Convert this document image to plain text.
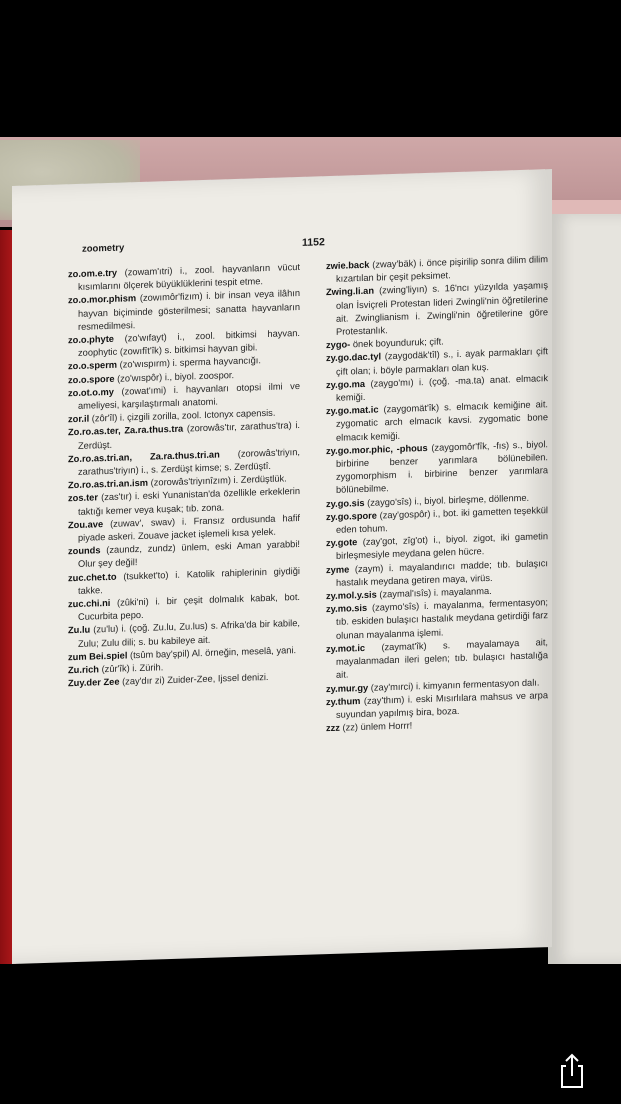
zoometry	1152

zo.om.e.try (zowam'ıtri) i., zool. hayvanların vücut kısımlarını ölçerek büyüklüklerini tespit etme.

zo.o.mor.phism (zowımôr'fizım) i. bir insan veya ilâhın hayvan biçiminde gösterilmesi; sanatta hayvanların resmedilmesi.

zo.o.phyte (zo'wıfayt) i., zool. bitkimsi hayvan. zoophytic (zowıfît'îk) s. bitkimsi hayvan gibi.

zo.o.sperm (zo'wıspırm) i. sperma hayvancığı.

zo.o.spore (zo'wıspôr) i., biyol. zoospor.

zo.ot.o.my (zowat'ımi) i. hayvanları otopsi ilmi ve ameliyesi, karşılaştırmalı anatomi.

zor.il (zôr'îl) i. çizgili zorilla, zool. Ictonyx capensis.

Zo.ro.as.ter, Za.ra.thus.tra (zorowâs'tır, zarathus'tra) i. Zerdüşt.

Zo.ro.as.tri.an, Za.ra.thus.tri.an (zorowâs'triyın, zarathus'triyın) i., s. Zerdüşt kimse; s. Zerdüştî.

Zo.ro.as.tri.an.ism (zorowâs'triyınîzım) i. Zerdüştlük.

zos.ter (zas'tır) i. eski Yunanistan'da özellikle erkeklerin taktığı kemer veya kuşak; tıb. zona.

Zou.ave (zuwav', swav) i. Fransız ordusunda hafif piyade askeri. Zouave jacket işlemeli kısa yelek.

zounds (zaundz, zundz) ünlem, eski Aman yarabbi! Olur şey değil!

zuc.chet.to (tsukket'to) i. Katolik rahiplerinin giydiği takke.

zuc.chi.ni (zûki'ni) i. bir çeşit dolmalık kabak, bot. Cucurbita pepo.

Zu.lu (zu'lu) i. (çoğ. Zu.lu, Zu.lus) s. Afrika'da bir kabile, Zulu; Zulu dili; s. bu kabileye ait.

zum Bei.spiel (tsûm bay'şpil) Al. örneğin, meselâ, yani.

Zu.rich (zûr'îk) i. Zürih.

Zuy.der Zee (zay'dır zi) Zuider-Zee, Ijssel denizi.

zwie.back (zway'bäk) i. önce pişirilip sonra dilim dilim kızartılan bir çeşit peksimet.

Zwing.li.an (zwing'liyın) s. 16'ncı yüzyılda yaşamış olan İsviçreli Protestan lideri Zwingli'nin öğretilerine ait. Zwinglianism i. Zwingli'nin öğretilerine göre Protestanlık.

zygo- önek boyunduruk; çift.

zy.go.dac.tyl (zaygodäk'tîl) s., i. ayak parmakları çift çift olan; i. böyle parmakları olan kuş.

zy.go.ma (zaygo'mı) i. (çoğ. -ma.ta) anat. elmacık kemiği.

zy.go.mat.ic (zaygomät'îk) s. elmacık kemiğine ait. zygomatic arch elmacık kavsi. zygomatic bone elmacık kemiği.

zy.go.mor.phic, -phous (zaygomôr'fîk, -fıs) s., biyol. birbirine benzer yarımlara bölünebilen. zygomorphism i. birbirine benzer yarımlara bölünebilme.

zy.go.sis (zaygo'sîs) i., biyol. birleşme, döllenme.

zy.go.spore (zay'gospôr) i., bot. iki gametten teşekkül eden tohum.

zy.gote (zay'got, zîg'ot) i., biyol. zigot, iki gametin birleşmesiyle meydana gelen hücre.

zyme (zaym) i. mayalandırıcı madde; tıb. bulaşıcı hastalık meydana getiren maya, virüs.

zy.mol.y.sis (zaymal'ısîs) i. mayalanma.

zy.mo.sis (zaymo'sîs) i. mayalanma, fermentasyon; tıb. eskiden bulaşıcı hastalık meydana getirdiği farz olunan mayalanma işlemi.

zy.mot.ic (zaymat'îk) s. mayalamaya ait, mayalanmadan ileri gelen; tıb. bulaşıcı hastalığa ait.

zy.mur.gy (zay'mırci) i. kimyanın fermentasyon dalı.

zy.thum (zay'thım) i. eski Mısırlılara mahsus ve arpa suyundan yapılmış bira, boza.

zzz (zz) ünlem Horrr!
